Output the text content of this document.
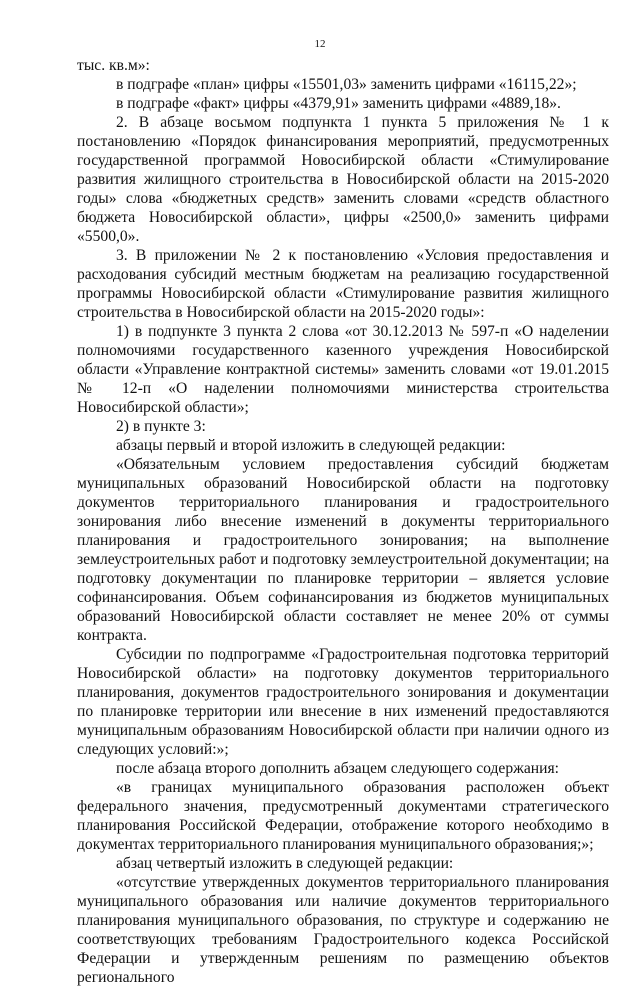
12

тыс. кв.м»:

в подграфе «план» цифры «15501,03» заменить цифрами «16115,22»;

в подграфе «факт» цифры «4379,91» заменить цифрами «4889,18».

2. В абзаце восьмом подпункта 1 пункта 5 приложения № 1 к постановлению «Порядок финансирования мероприятий, предусмотренных государственной программой Новосибирской области «Стимулирование развития жилищного строительства в Новосибирской области на 2015-2020 годы» слова «бюджетных средств» заменить словами «средств областного бюджета Новосибирской области», цифры «2500,0» заменить цифрами «5500,0».

3. В приложении № 2 к постановлению «Условия предоставления и расходования субсидий местным бюджетам на реализацию государственной программы Новосибирской области «Стимулирование развития жилищного строительства в Новосибирской области на 2015-2020 годы»:

1) в подпункте 3 пункта 2 слова «от 30.12.2013 № 597-п «О наделении полномочиями государственного казенного учреждения Новосибирской области «Управление контрактной системы» заменить словами «от 19.01.2015 № 12-п «О наделении полномочиями министерства строительства Новосибирской области»;

2) в пункте 3:

абзацы первый и второй изложить в следующей редакции:

«Обязательным условием предоставления субсидий бюджетам муниципальных образований Новосибирской области на подготовку документов территориального планирования и градостроительного зонирования либо внесение изменений в документы территориального планирования и градостроительного зонирования; на выполнение землеустроительных работ и подготовку землеустроительной документации; на подготовку документации по планировке территории – является условие софинансирования. Объем софинансирования из бюджетов муниципальных образований Новосибирской области составляет не менее 20% от суммы контракта.

Субсидии по подпрограмме «Градостроительная подготовка территорий Новосибирской области» на подготовку документов территориального планирования, документов градостроительного зонирования и документации по планировке территории или внесение в них изменений предоставляются муниципальным образованиям Новосибирской области при наличии одного из следующих условий:»;

после абзаца второго дополнить абзацем следующего содержания:

«в границах муниципального образования расположен объект федерального значения, предусмотренный документами стратегического планирования Российской Федерации, отображение которого необходимо в документах территориального планирования муниципального образования;»;

абзац четвертый изложить в следующей редакции:

«отсутствие утвержденных документов территориального планирования муниципального образования или наличие документов территориального планирования муниципального образования, по структуре и содержанию не соответствующих требованиям Градостроительного кодекса Российской Федерации и утвержденным решениям по размещению объектов регионального
